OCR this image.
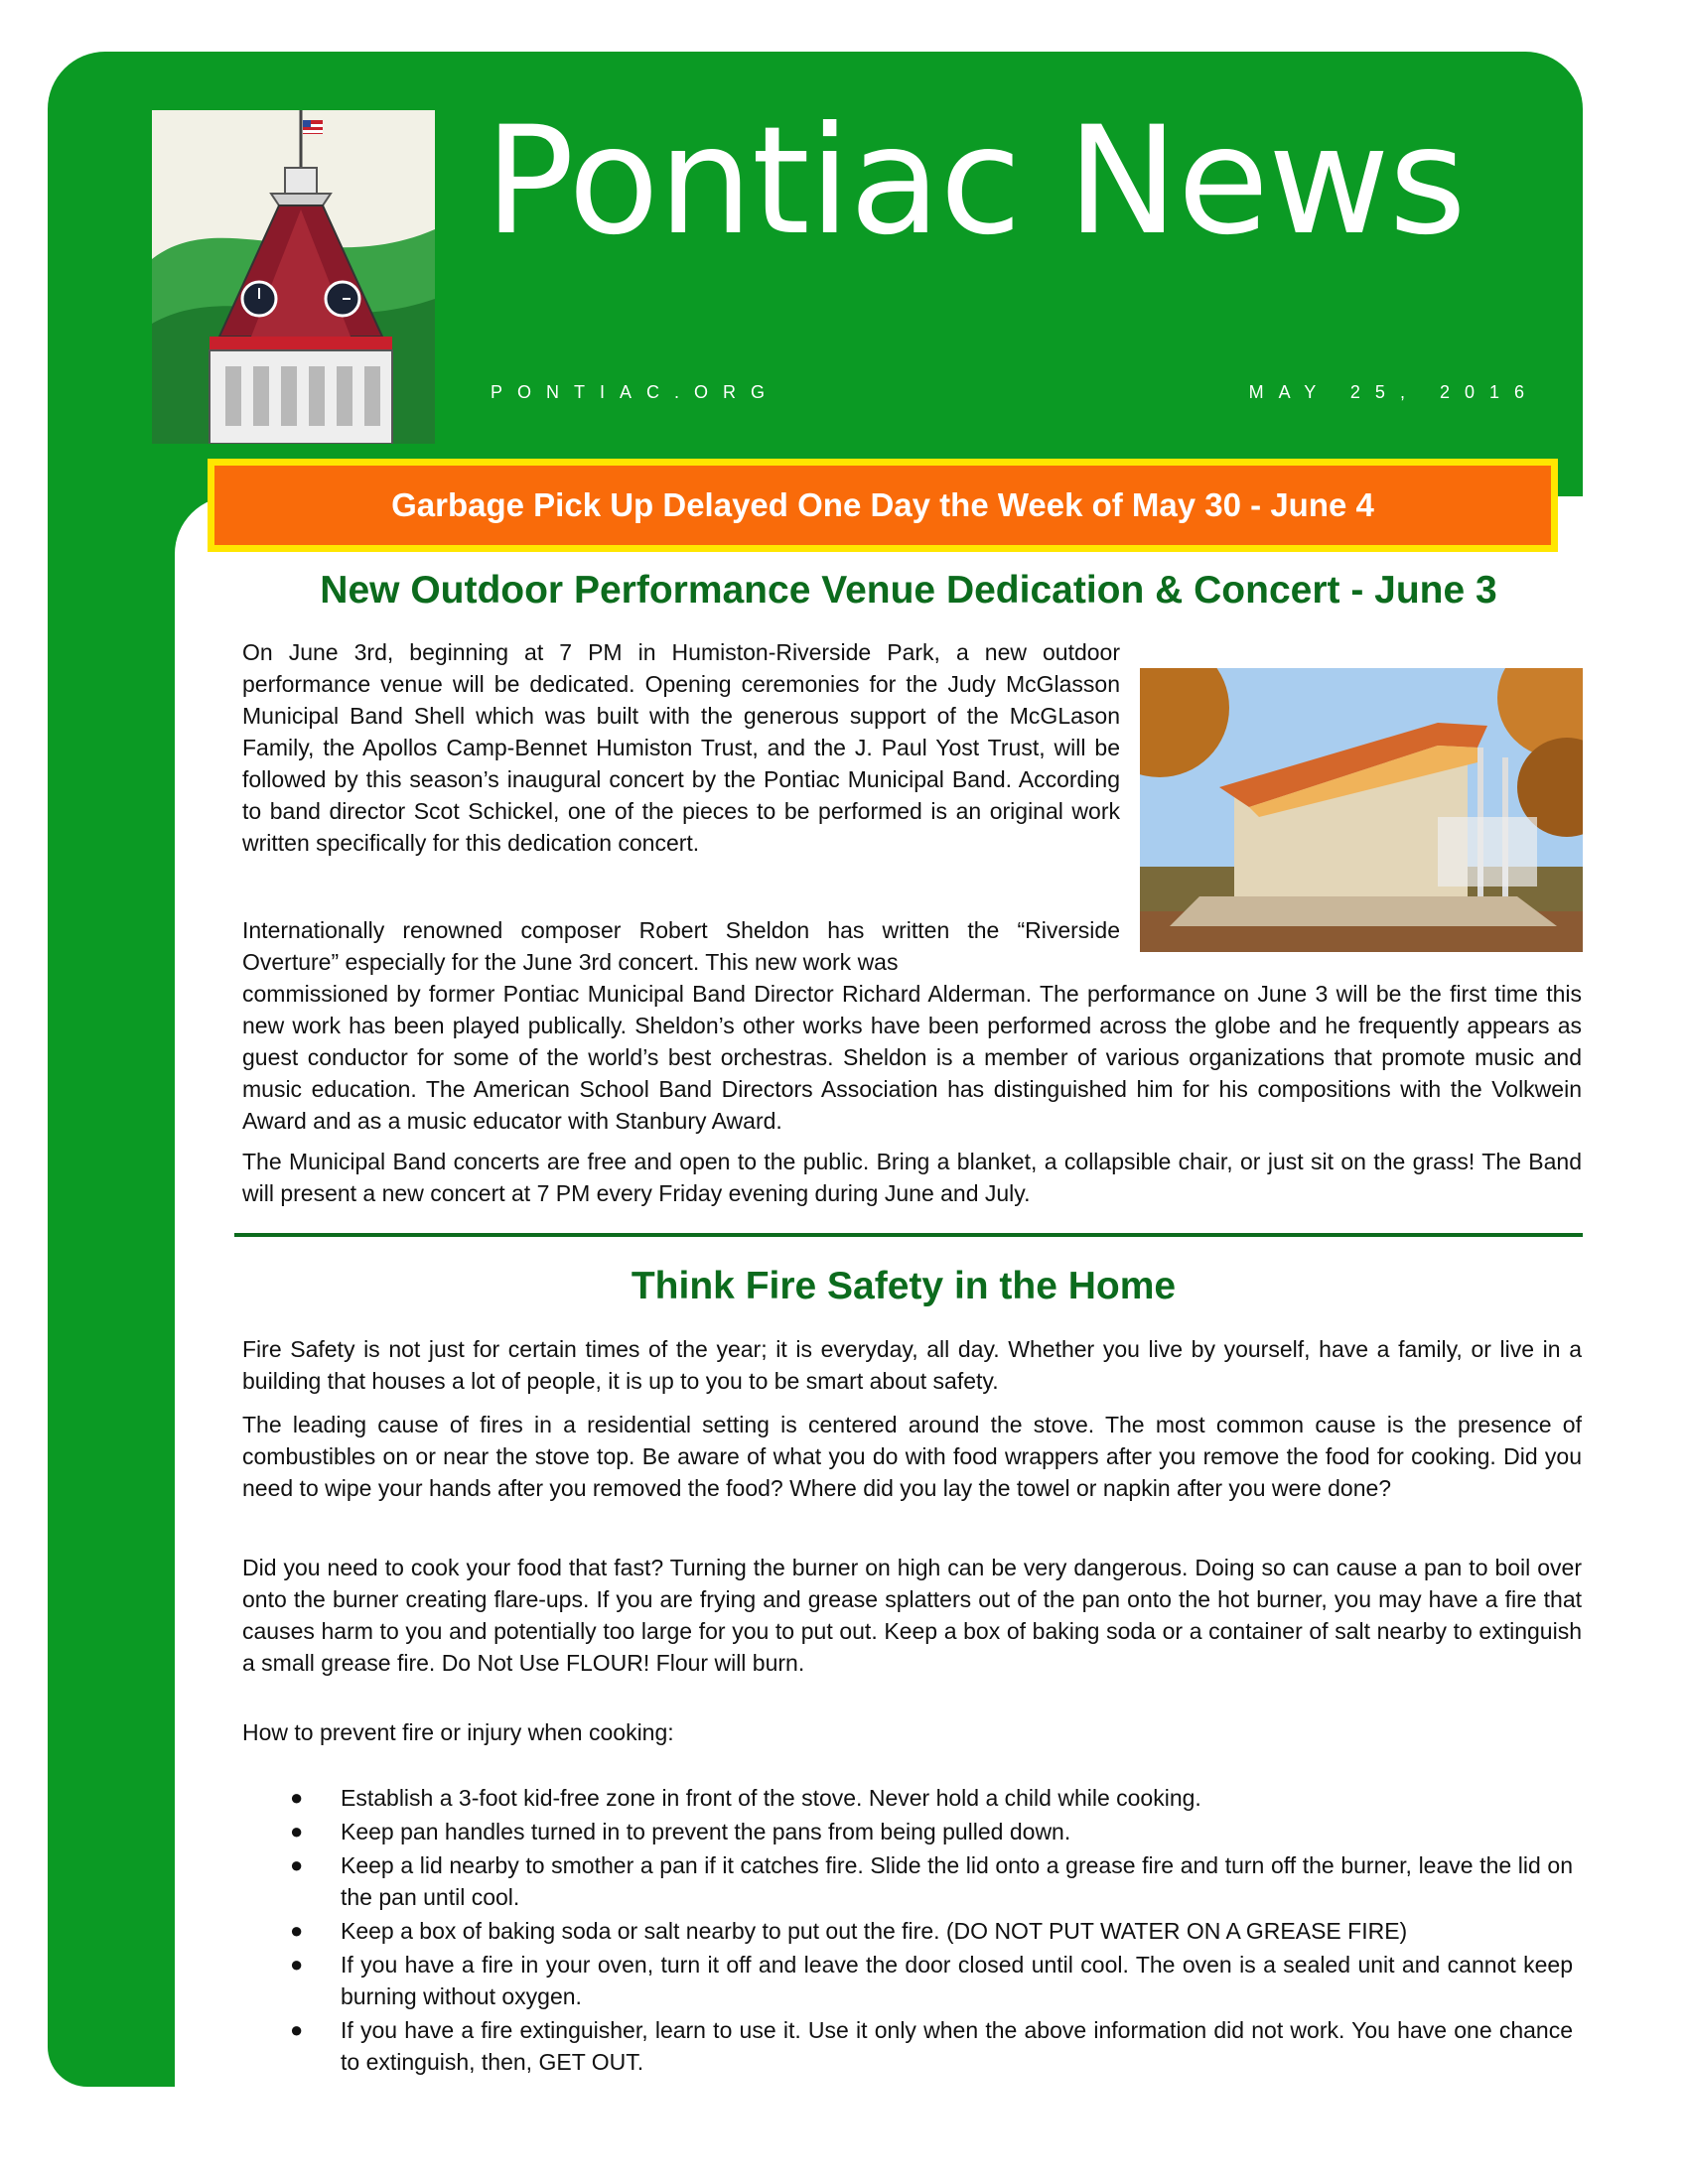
Pontiac News
PONTIAC.ORG	MAY 25, 2016
Garbage Pick Up Delayed One Day the Week of May 30 - June 4
New Outdoor Performance Venue Dedication & Concert - June 3

On June 3rd, beginning at 7 PM in Humiston-Riverside Park, a new outdoor performance venue will be dedicated. Opening ceremonies for the Judy McGlasson Municipal Band Shell which was built with the generous support of the McGLason Family, the Apollos Camp-Bennet Humiston Trust, and the J. Paul Yost Trust, will be followed by this season’s inaugural concert by the Pontiac Municipal Band. According to band director Scot Schickel, one of the pieces to be performed is an original work written specifically for this dedication concert.

Internationally renowned composer Robert Sheldon has written the “Riverside Overture” especially for the June 3rd concert. This new work was

commissioned by former Pontiac Municipal Band Director Richard Alderman. The performance on June 3 will be the first time this new work has been played publically. Sheldon’s other works have been performed across the globe and he frequently appears as guest conductor for some of the world’s best orchestras. Sheldon is a member of various organizations that promote music and music education. The American School Band Directors Association has distinguished him for his compositions with the Volkwein Award and as a music educator with Stanbury Award.

The Municipal Band concerts are free and open to the public. Bring a blanket, a collapsible chair, or just sit on the grass! The Band will present a new concert at 7 PM every Friday evening during June and July.

Think Fire Safety in the Home

Fire Safety is not just for certain times of the year; it is everyday, all day. Whether you live by yourself, have a family, or live in a building that houses a lot of people, it is up to you to be smart about safety.

The leading cause of fires in a residential setting is centered around the stove. The most common cause is the presence of combustibles on or near the stove top. Be aware of what you do with food wrappers after you remove the food for cooking. Did you need to wipe your hands after you removed the food? Where did you lay the towel or napkin after you were done?

Did you need to cook your food that fast? Turning the burner on high can be very dangerous. Doing so can cause a pan to boil over onto the burner creating flare-ups. If you are frying and grease splatters out of the pan onto the hot burner, you may have a fire that causes harm to you and potentially too large for you to put out. Keep a box of baking soda or a container of salt nearby to extinguish a small grease fire. Do Not Use FLOUR! Flour will burn.

How to prevent fire or injury when cooking:

● Establish a 3-foot kid-free zone in front of the stove. Never hold a child while cooking.
● Keep pan handles turned in to prevent the pans from being pulled down.
● Keep a lid nearby to smother a pan if it catches fire. Slide the lid onto a grease fire and turn off the burner, leave the lid on the pan until cool.
● Keep a box of baking soda or salt nearby to put out the fire. (DO NOT PUT WATER ON A GREASE FIRE)
● If you have a fire in your oven, turn it off and leave the door closed until cool. The oven is a sealed unit and cannot keep burning without oxygen.
● If you have a fire extinguisher, learn to use it. Use it only when the above information did not work. You have one chance to extinguish, then, GET OUT.
